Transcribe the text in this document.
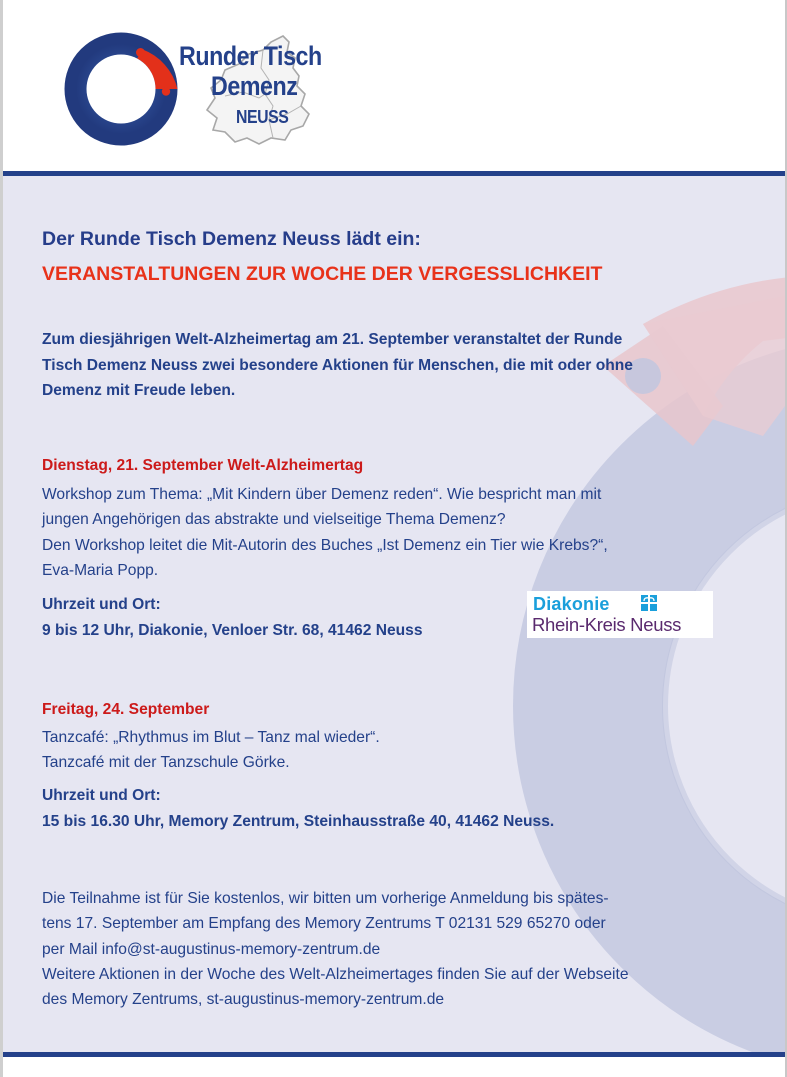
Runder Tisch
Demenz
NEUSS
Der Runde Tisch Demenz Neuss lädt ein:
VERANSTALTUNGEN ZUR WOCHE DER VERGESSLICHKEIT
Zum diesjährigen Welt-Alzheimertag am 21. September veranstaltet der Runde
Tisch Demenz Neuss zwei besondere Aktionen für Menschen, die mit oder ohne
Demenz mit Freude leben.
Dienstag, 21. September Welt-Alzheimertag
Workshop zum Thema: „Mit Kindern über Demenz reden“. Wie bespricht man mit
jungen Angehörigen das abstrakte und vielseitige Thema Demenz?
Den Workshop leitet die Mit-Autorin des Buches „Ist Demenz ein Tier wie Krebs?“,
Eva-Maria Popp.
Uhrzeit und Ort:
9 bis 12 Uhr, Diakonie, Venloer Str. 68, 41462 Neuss
Diakonie
Rhein-Kreis Neuss
Freitag, 24. September
Tanzcafé: „Rhythmus im Blut – Tanz mal wieder“.
Tanzcafé mit der Tanzschule Görke.
Uhrzeit und Ort:
15 bis 16.30 Uhr, Memory Zentrum, Steinhausstraße 40, 41462 Neuss.
Die Teilnahme ist für Sie kostenlos, wir bitten um vorherige Anmeldung bis spätes-
tens 17. September am Empfang des Memory Zentrums T 02131 529 65270 oder
per Mail info@st-augustinus-memory-zentrum.de
Weitere Aktionen in der Woche des Welt-Alzheimertages finden Sie auf der Webseite
des Memory Zentrums, st-augustinus-memory-zentrum.de
